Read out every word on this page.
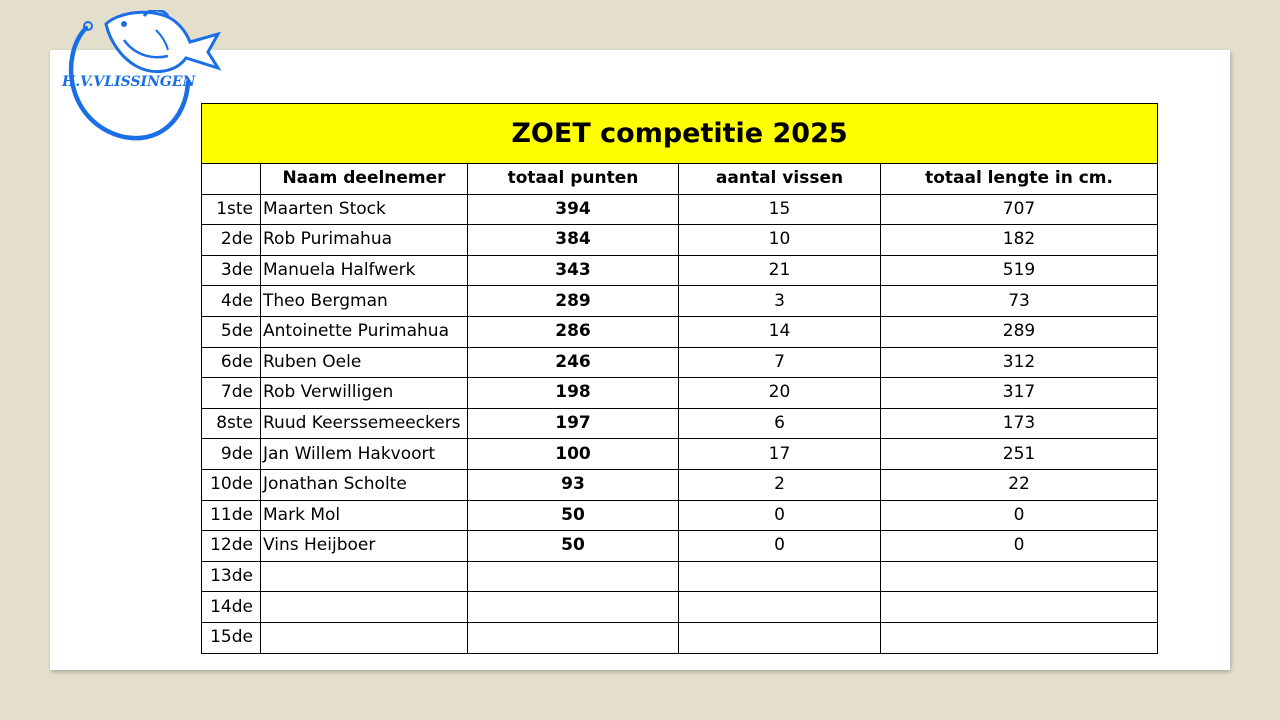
H.V.VLISSINGEN
ZOET competitie 2025				
	Naam deelnemer	totaal punten	aantal vissen	totaal lengte in cm.
1ste	Maarten Stock	394	15	707
2de	Rob Purimahua	384	10	182
3de	Manuela Halfwerk	343	21	519
4de	Theo Bergman	289	3	73
5de	Antoinette Purimahua	286	14	289
6de	Ruben Oele	246	7	312
7de	Rob Verwilligen	198	20	317
8ste	Ruud Keerssemeeckers	197	6	173
9de	Jan Willem Hakvoort	100	17	251
10de	Jonathan Scholte	93	2	22
11de	Mark Mol	50	0	0
12de	Vins Heijboer	50	0	0
13de				
14de				
15de				
